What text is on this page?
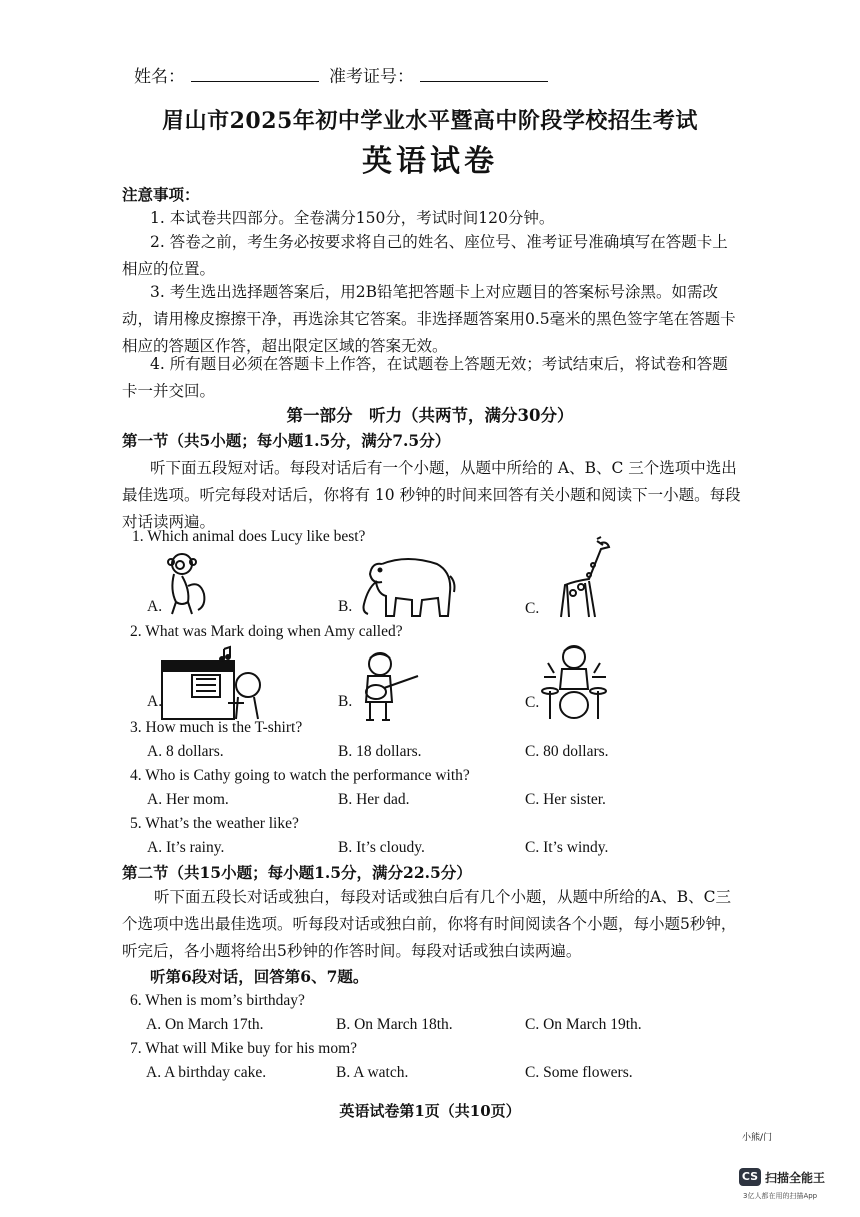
姓名：	准考证号：
眉山市2025年初中学业水平暨高中阶段学校招生考试
英语试卷
注意事项：
1. 本试卷共四部分。全卷满分150分，考试时间120分钟。
2. 答卷之前，考生务必按要求将自己的姓名、座位号、准考证号准确填写在答题卡上相应的位置。
3. 考生选出选择题答案后，用2B铅笔把答题卡上对应题目的答案标号涂黑。如需改动，请用橡皮擦擦干净，再选涂其它答案。非选择题答案用0.5毫米的黑色签字笔在答题卡相应的答题区作答，超出限定区域的答案无效。
4. 所有题目必须在答题卡上作答，在试题卷上答题无效；考试结束后，将试卷和答题卡一并交回。
第一部分　听力（共两节，满分30分）
第一节（共5小题；每小题1.5分，满分7.5分）
听下面五段短对话。每段对话后有一个小题，从题中所给的 A、B、C 三个选项中选出最佳选项。听完每段对话后，你将有 10 秒钟的时间来回答有关小题和阅读下一小题。每段对话读两遍。
1. Which animal does Lucy like best?
A.	B.	C.
2. What was Mark doing when Amy called?
A.	B.	C.
3. How much is the T-shirt?
A. 8 dollars.	B. 18 dollars.	C. 80 dollars.
4. Who is Cathy going to watch the performance with?
A. Her mom.	B. Her dad.	C. Her sister.
5. What’s the weather like?
A. It’s rainy.	B. It’s cloudy.	C. It’s windy.
第二节（共15小题；每小题1.5分，满分22.5分）
听下面五段长对话或独白，每段对话或独白后有几个小题，从题中所给的A、B、C三个选项中选出最佳选项。听每段对话或独白前，你将有时间阅读各个小题，每小题5秒钟，听完后，各小题将给出5秒钟的作答时间。每段对话或独白读两遍。
听第6段对话，回答第6、7题。
6. When is mom’s birthday?
A. On March 17th.	B. On March 18th.	C. On March 19th.
7. What will Mike buy for his mom?
A. A birthday cake.	B. A watch.	C. Some flowers.
英语试卷第1页（共10页）
小熊/门
CS 扫描全能王
3亿人都在用的扫描App
